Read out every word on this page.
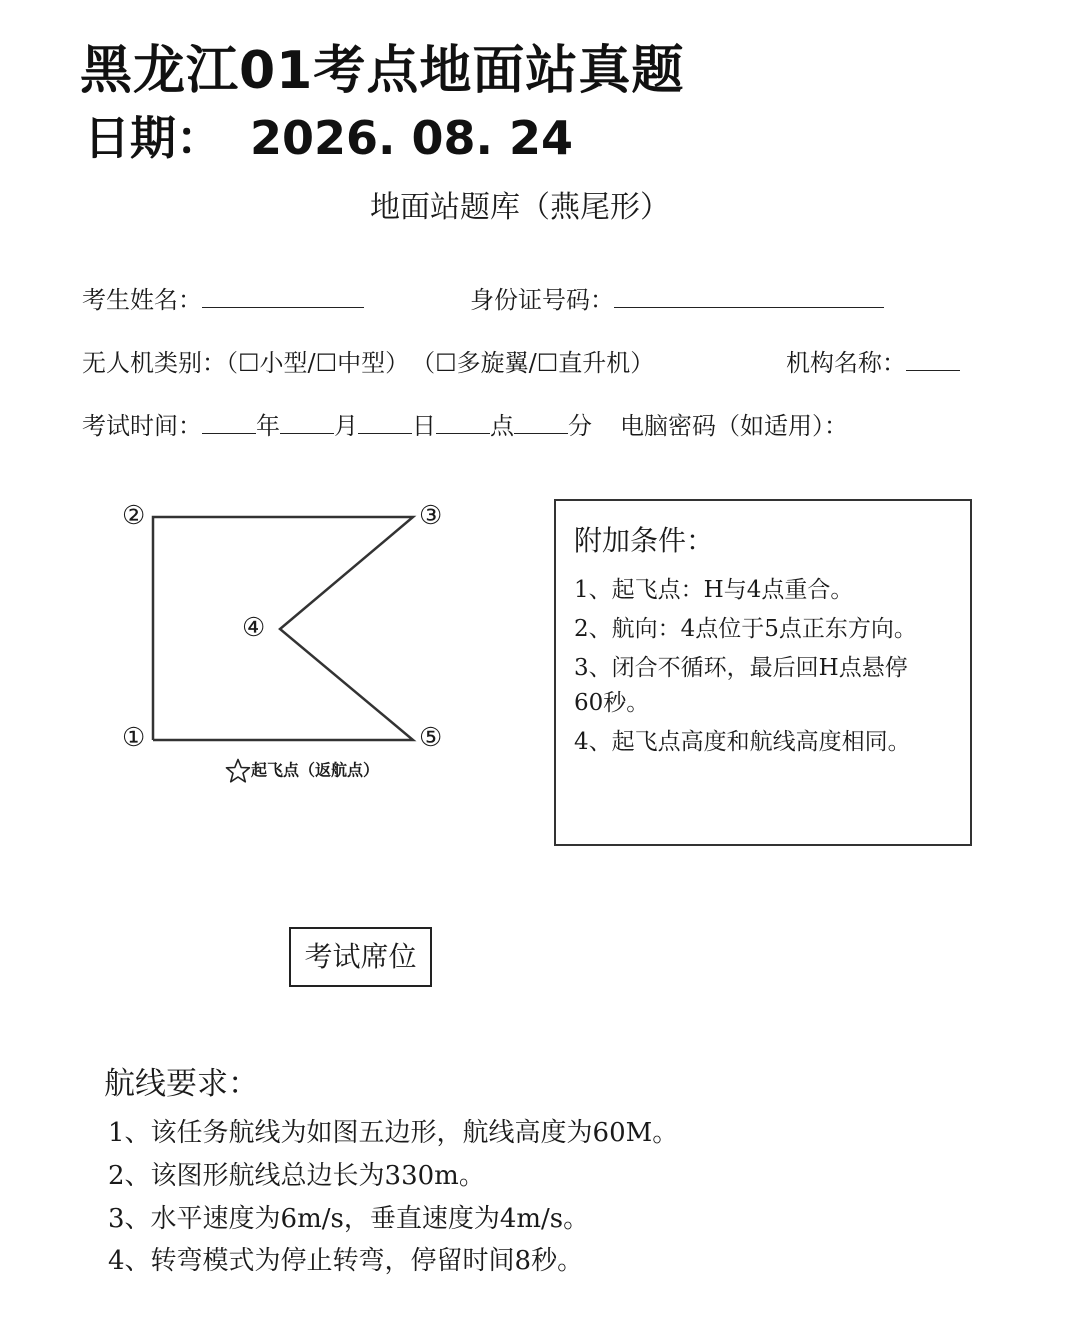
黑龙江01考点地面站真题
日期： 2026. 08. 24
地面站题库（燕尾形）
考生姓名：	身份证号码：
无人机类别：（☐小型/☐中型） （☐多旋翼/☐直升机）	机构名称：
考试时间： 年 月 日 点 分 电脑密码（如适用）：
①
②	③
④
⑤
起飞点（返航点）
附加条件：
1、起飞点：H与4点重合。
2、航向：4点位于5点正东方向。
3、闭合不循环，最后回H点悬停
60秒。
4、起飞点高度和航线高度相同。
考试席位
航线要求：
1、该任务航线为如图五边形，航线高度为60M。
2、该图形航线总边长为330m。
3、水平速度为6m/s，垂直速度为4m/s。
4、转弯模式为停止转弯，停留时间8秒。
